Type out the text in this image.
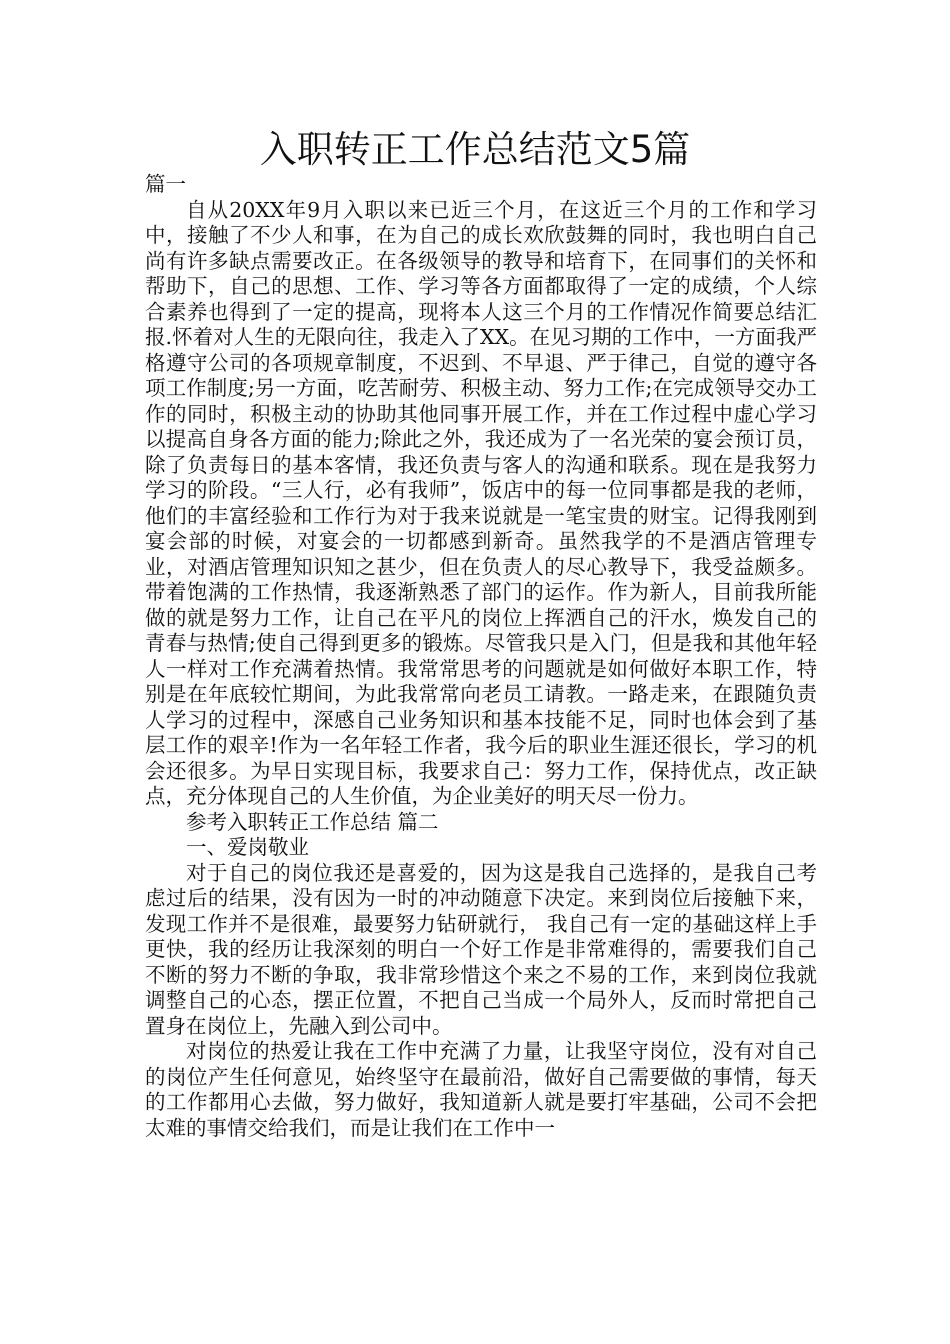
入职转正工作总结范文5篇

篇一

自从20XX年9月入职以来已近三个月，在这近三个月的工作和学习中，接触了不少人和事，在为自己的成长欢欣鼓舞的同时，我也明白自己尚有许多缺点需要改正。在各级领导的教导和培育下，在同事们的关怀和帮助下，自己的思想、工作、学习等各方面都取得了一定的成绩，个人综合素养也得到了一定的提高，现将本人这三个月的工作情况作简要总结汇报.怀着对人生的无限向往，我走入了XX。在见习期的工作中，一方面我严格遵守公司的各项规章制度，不迟到、不早退、严于律己，自觉的遵守各项工作制度;另一方面，吃苦耐劳、积极主动、努力工作;在完成领导交办工作的同时，积极主动的协助其他同事开展工作，并在工作过程中虚心学习以提高自身各方面的能力;除此之外，我还成为了一名光荣的宴会预订员，除了负责每日的基本客情，我还负责与客人的沟通和联系。现在是我努力学习的阶段。“三人行，必有我师”，饭店中的每一位同事都是我的老师，他们的丰富经验和工作行为对于我来说就是一笔宝贵的财宝。记得我刚到宴会部的时候，对宴会的一切都感到新奇。虽然我学的不是酒店管理专业，对酒店管理知识知之甚少，但在负责人的尽心教导下，我受益颇多。带着饱满的工作热情，我逐渐熟悉了部门的运作。作为新人，目前我所能做的就是努力工作，让自己在平凡的岗位上挥洒自己的汗水，焕发自己的青春与热情;使自己得到更多的锻炼。尽管我只是入门，但是我和其他年轻人一样对工作充满着热情。我常常思考的问题就是如何做好本职工作，特别是在年底较忙期间，为此我常常向老员工请教。一路走来，在跟随负责人学习的过程中，深感自己业务知识和基本技能不足，同时也体会到了基层工作的艰辛!作为一名年轻工作者，我今后的职业生涯还很长，学习的机会还很多。为早日实现目标，我要求自己：努力工作，保持优点，改正缺点，充分体现自己的人生价值，为企业美好的明天尽一份力。

参考入职转正工作总结 篇二

一、爱岗敬业

对于自己的岗位我还是喜爱的，因为这是我自己选择的，是我自己考虑过后的结果，没有因为一时的冲动随意下决定。来到岗位后接触下来，发现工作并不是很难，最要努力钻研就行， 我自己有一定的基础这样上手更快，我的经历让我深刻的明白一个好工作是非常难得的，需要我们自己不断的努力不断的争取，我非常珍惜这个来之不易的工作，来到岗位我就调整自己的心态，摆正位置，不把自己当成一个局外人，反而时常把自己置身在岗位上，先融入到公司中。

对岗位的热爱让我在工作中充满了力量，让我坚守岗位，没有对自己的岗位产生任何意见，始终坚守在最前沿，做好自己需要做的事情，每天的工作都用心去做，努力做好，我知道新人就是要打牢基础，公司不会把太难的事情交给我们，而是让我们在工作中一
